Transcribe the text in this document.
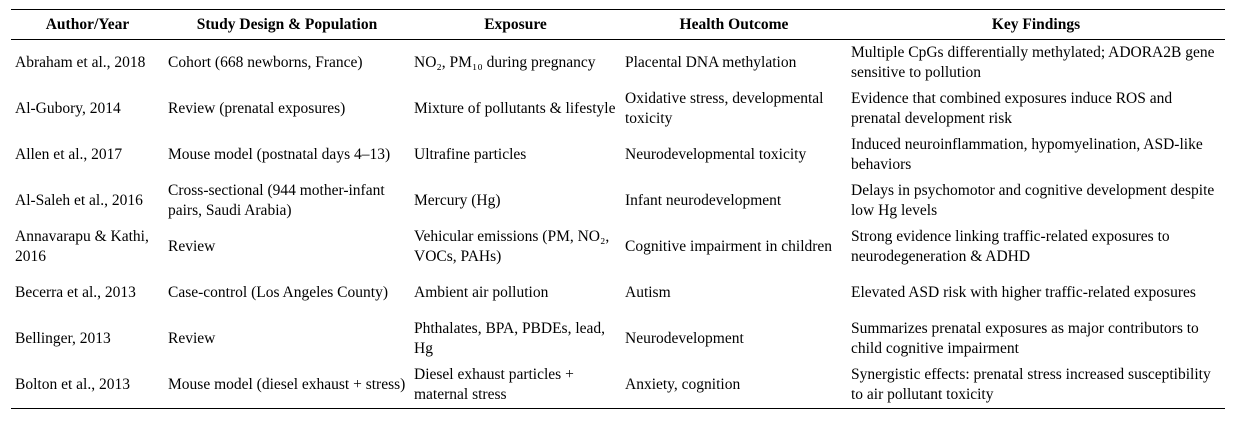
Author/Year	Study Design & Population	Exposure	Health Outcome	Key Findings
Abraham et al., 2018	Cohort (668 newborns, France)	NO₂, PM₁₀ during pregnancy	Placental DNA methylation	Multiple CpGs differentially methylated; ADORA2B gene sensitive to pollution
Al-Gubory, 2014	Review (prenatal exposures)	Mixture of pollutants & lifestyle	Oxidative stress, developmental toxicity	Evidence that combined exposures induce ROS and prenatal development risk
Allen et al., 2017	Mouse model (postnatal days 4–13)	Ultrafine particles	Neurodevelopmental toxicity	Induced neuroinflammation, hypomyelination, ASD-like behaviors
Al-Saleh et al., 2016	Cross-sectional (944 mother-infant pairs, Saudi Arabia)	Mercury (Hg)	Infant neurodevelopment	Delays in psychomotor and cognitive development despite low Hg levels
Annavarapu & Kathi, 2016	Review	Vehicular emissions (PM, NO₂, VOCs, PAHs)	Cognitive impairment in children	Strong evidence linking traffic-related exposures to neurodegeneration & ADHD
Becerra et al., 2013	Case-control (Los Angeles County)	Ambient air pollution	Autism	Elevated ASD risk with higher traffic-related exposures
Bellinger, 2013	Review	Phthalates, BPA, PBDEs, lead, Hg	Neurodevelopment	Summarizes prenatal exposures as major contributors to child cognitive impairment
Bolton et al., 2013	Mouse model (diesel exhaust + stress)	Diesel exhaust particles + maternal stress	Anxiety, cognition	Synergistic effects: prenatal stress increased susceptibility to air pollutant toxicity
